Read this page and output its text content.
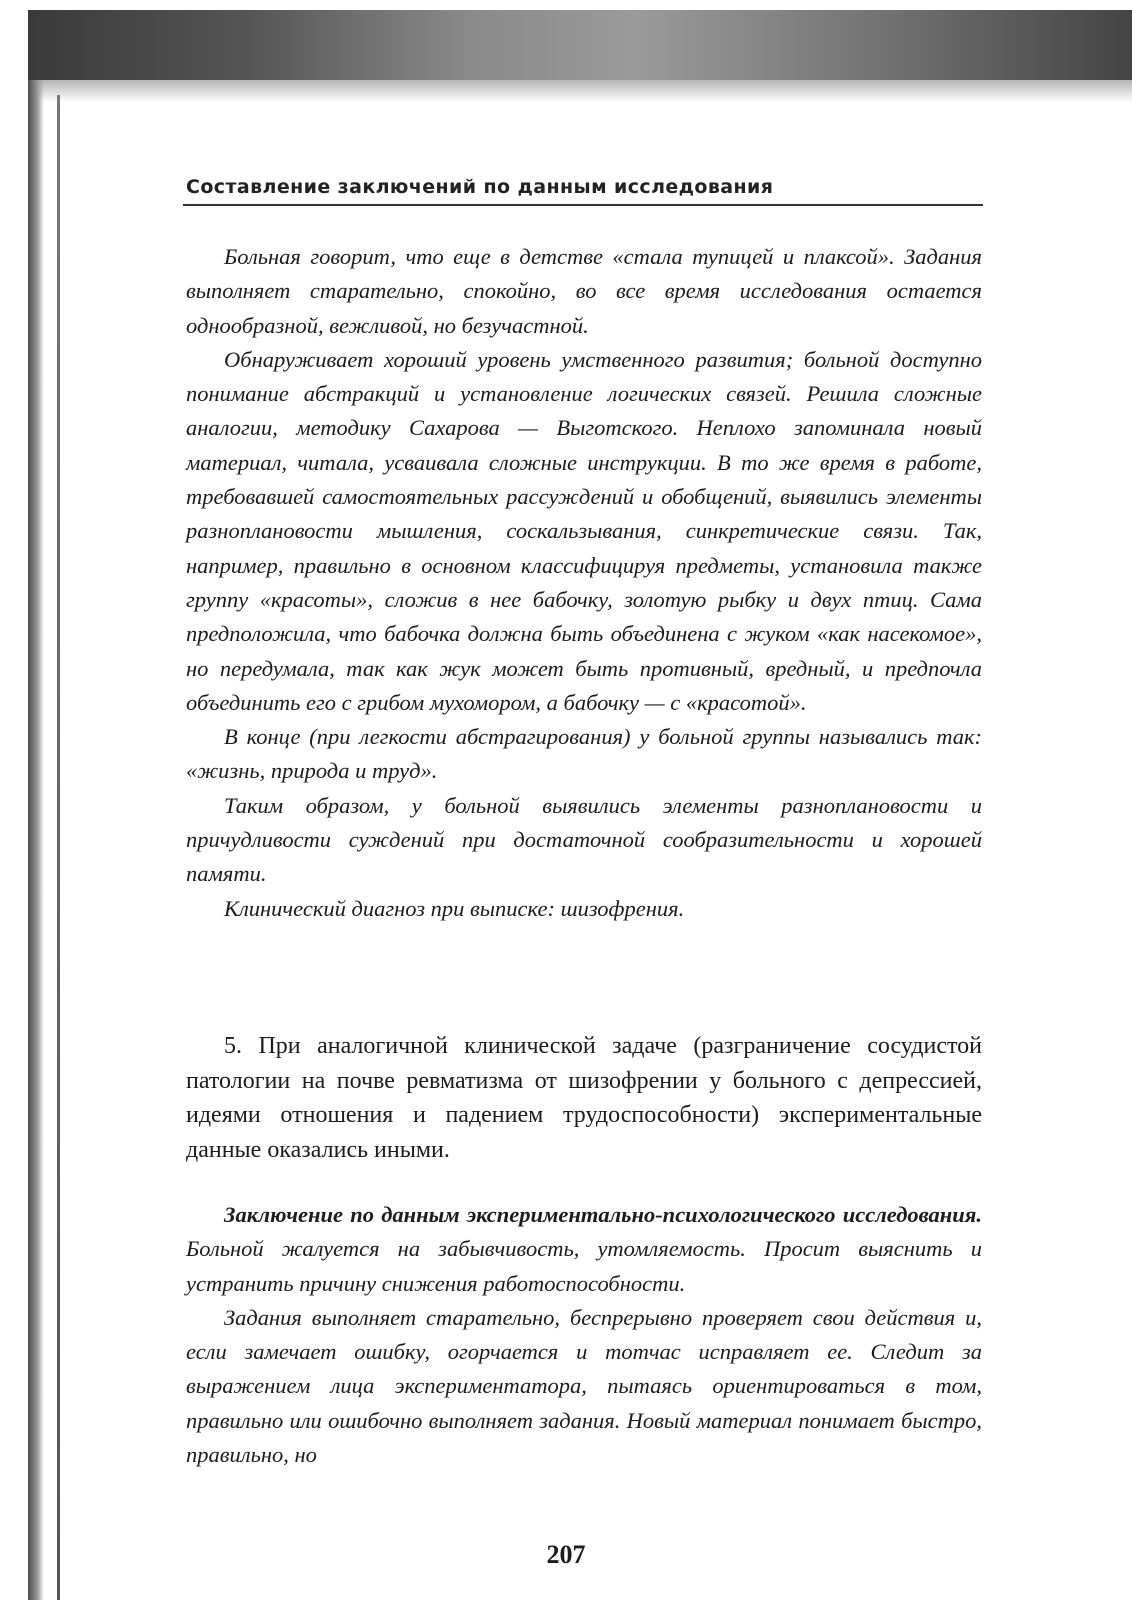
Составление заключений по данным исследования

Больная говорит, что еще в детстве «стала тупицей и плаксой». Задания выполняет старательно, спокойно, во все время исследования остается однообразной, вежливой, но безучастной.

Обнаруживает хороший уровень умственного развития; больной доступно понимание абстракций и установление логических связей. Решила сложные аналогии, методику Сахарова — Выготского. Неплохо запоминала новый материал, читала, усваивала сложные инструкции. В то же время в работе, требовавшей самостоятельных рассуждений и обобщений, выявились элементы разноплановости мышления, соскальзывания, синкретические связи. Так, например, правильно в основном классифицируя предметы, установила также группу «красоты», сложив в нее бабочку, золотую рыбку и двух птиц. Сама предположила, что бабочка должна быть объединена с жуком «как насекомое», но передумала, так как жук может быть противный, вредный, и предпочла объединить его с грибом мухомором, а бабочку — с «красотой».

В конце (при легкости абстрагирования) у больной группы назывались так: «жизнь, природа и труд».

Таким образом, у больной выявились элементы разноплановости и причудливости суждений при достаточной сообразительности и хорошей памяти.

Клинический диагноз при выписке: шизофрения.

5. При аналогичной клинической задаче (разграничение сосудистой патологии на почве ревматизма от шизофрении у больного с депрессией, идеями отношения и падением трудоспособности) экспериментальные данные оказались иными.

Заключение по данным экспериментально-психологического исследования. Больной жалуется на забывчивость, утомляемость. Просит выяснить и устранить причину снижения работоспособности.

Задания выполняет старательно, беспрерывно проверяет свои действия и, если замечает ошибку, огорчается и тотчас исправляет ее. Следит за выражением лица экспериментатора, пытаясь ориентироваться в том, правильно или ошибочно выполняет задания. Новый материал понимает быстро, правильно, но

207
